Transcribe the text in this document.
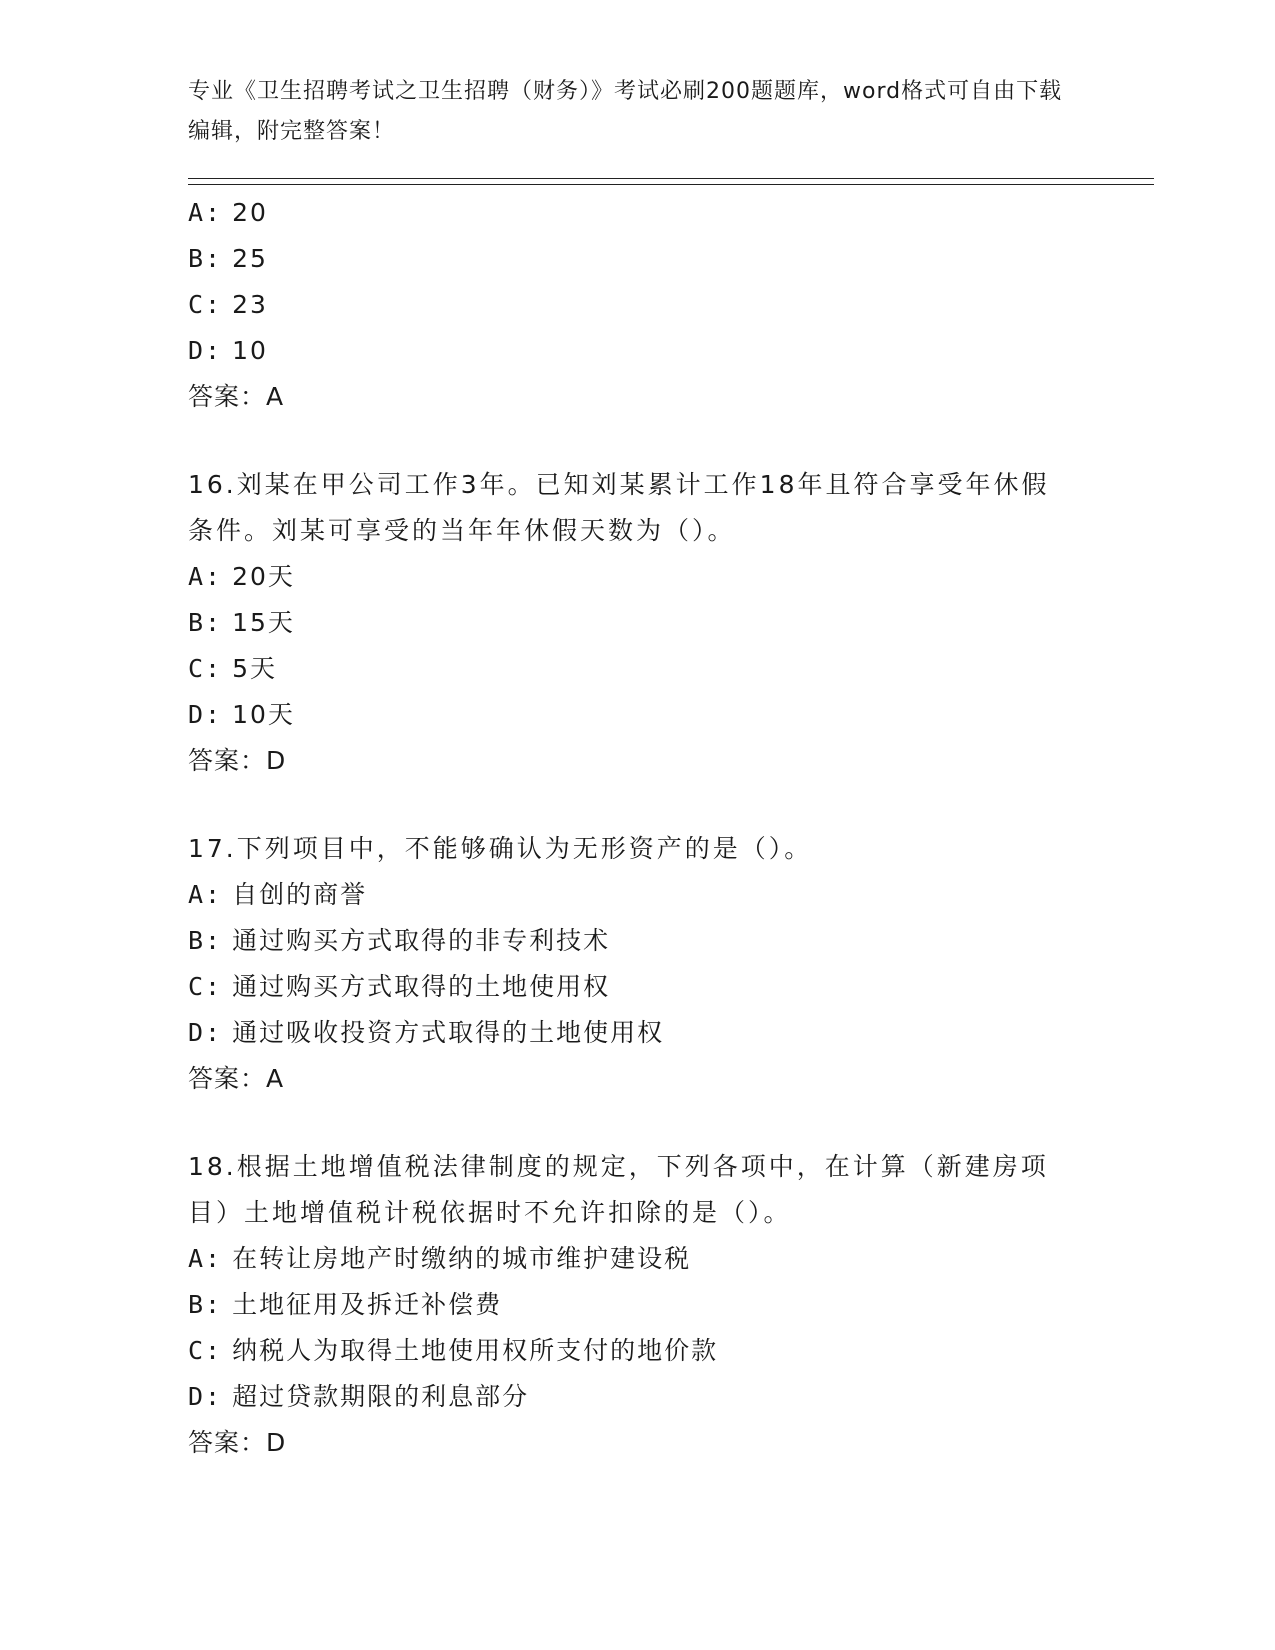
专业《卫生招聘考试之卫生招聘（财务）》考试必刷200题题库，word格式可自由下载编辑，附完整答案！
A: 20
B: 25
C: 23
D: 10
答案：A
16.刘某在甲公司工作3年。已知刘某累计工作18年且符合享受年休假条件。刘某可享受的当年年休假天数为（）。
A: 20天
B: 15天
C: 5天
D: 10天
答案：D
17.下列项目中，不能够确认为无形资产的是（）。
A: 自创的商誉
B: 通过购买方式取得的非专利技术
C: 通过购买方式取得的土地使用权
D: 通过吸收投资方式取得的土地使用权
答案：A
18.根据土地增值税法律制度的规定，下列各项中，在计算（新建房项目）土地增值税计税依据时不允许扣除的是（）。
A: 在转让房地产时缴纳的城市维护建设税
B: 土地征用及拆迁补偿费
C: 纳税人为取得土地使用权所支付的地价款
D: 超过贷款期限的利息部分
答案：D
